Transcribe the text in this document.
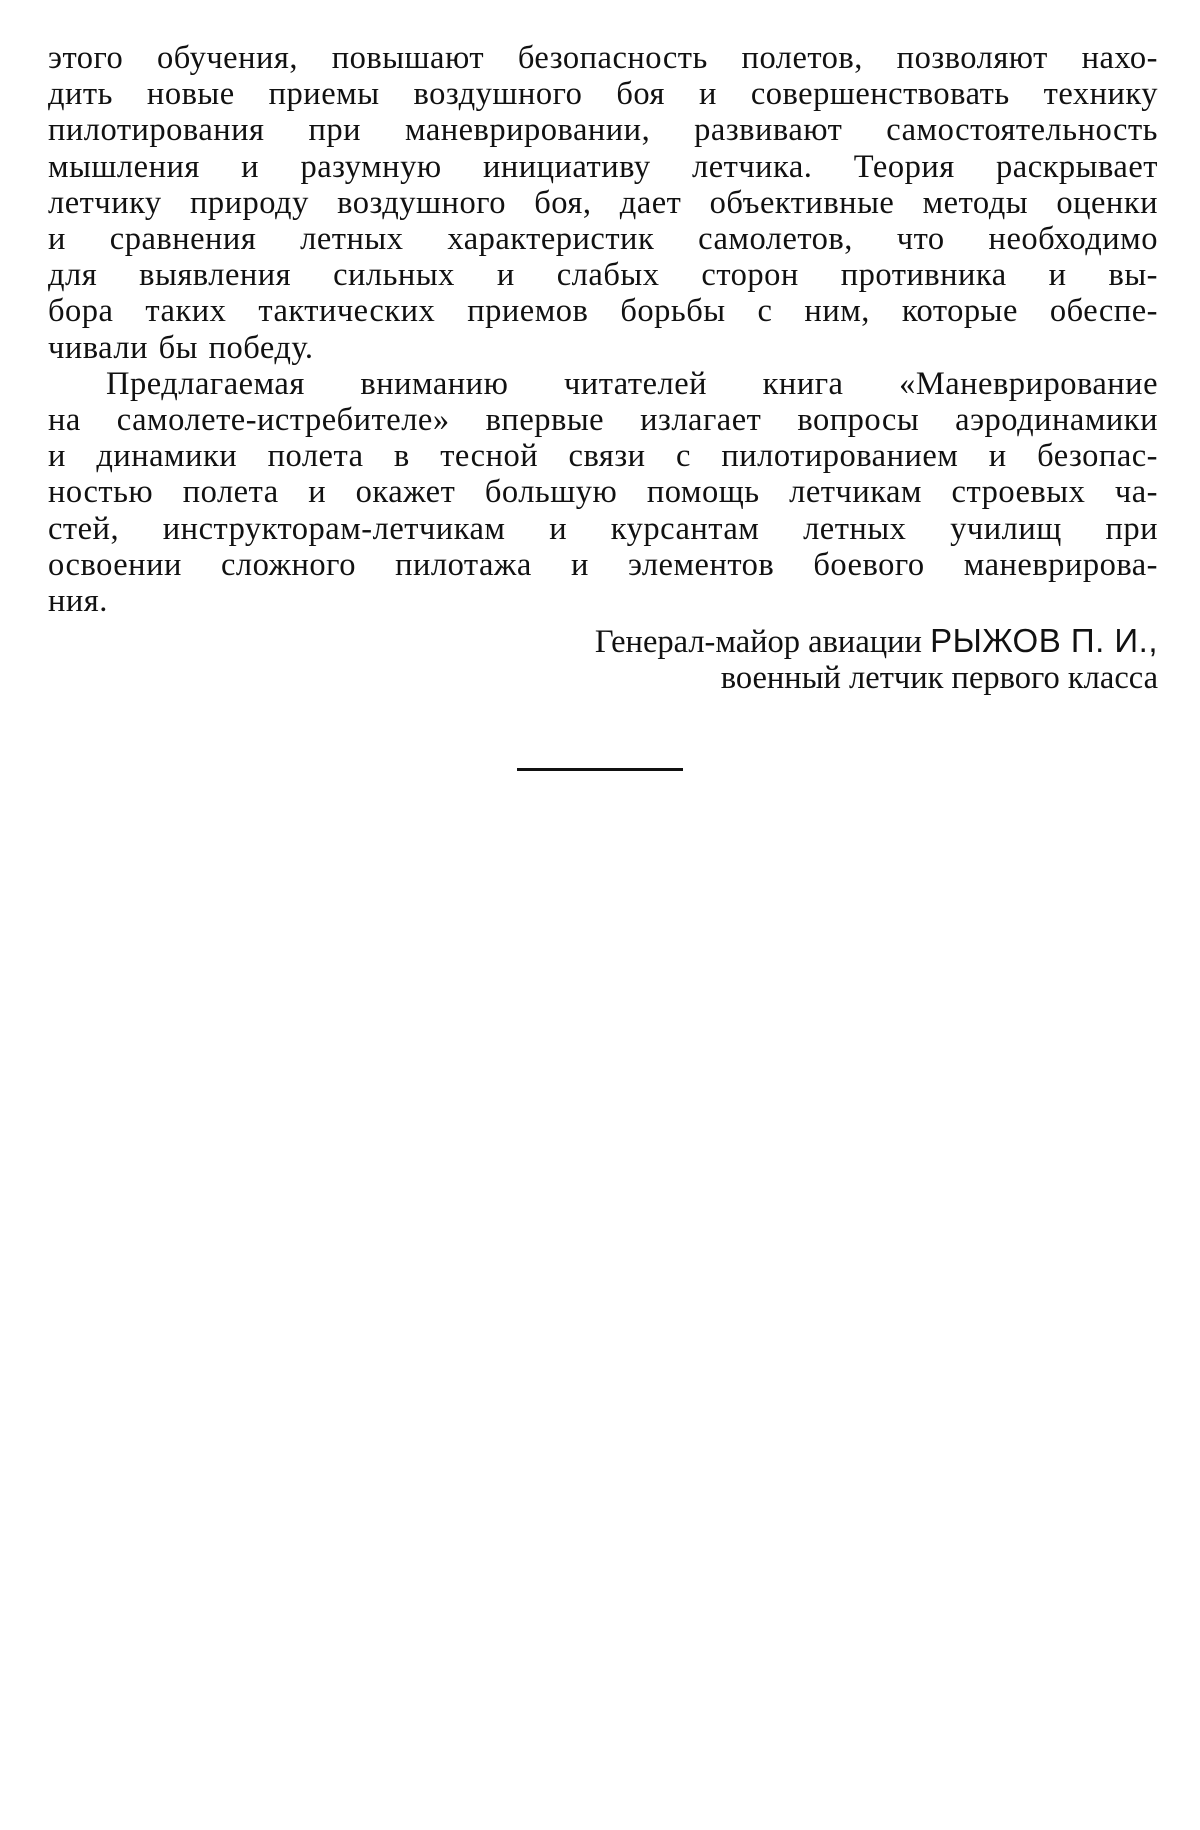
этого обучения, повышают безопасность полетов, позволяют нахо-
дить новые приемы воздушного боя и совершенствовать технику
пилотирования при маневрировании, развивают самостоятельность
мышления и разумную инициативу летчика. Теория раскрывает
летчику природу воздушного боя, дает объективные методы оценки
и сравнения летных характеристик самолетов, что необходимо
для выявления сильных и слабых сторон противника и вы-
бора таких тактических приемов борьбы с ним, которые обеспе-
чивали бы победу.
Предлагаемая вниманию читателей книга «Маневрирование
на самолете-истребителе» впервые излагает вопросы аэродинамики
и динамики полета в тесной связи с пилотированием и безопас-
ностью полета и окажет большую помощь летчикам строевых ча-
стей, инструкторам-летчикам и курсантам летных училищ при
освоении сложного пилотажа и элементов боевого маневрирова-
ния.
Генерал-майор авиации РЫЖОВ П. И.,
военный летчик первого класса
